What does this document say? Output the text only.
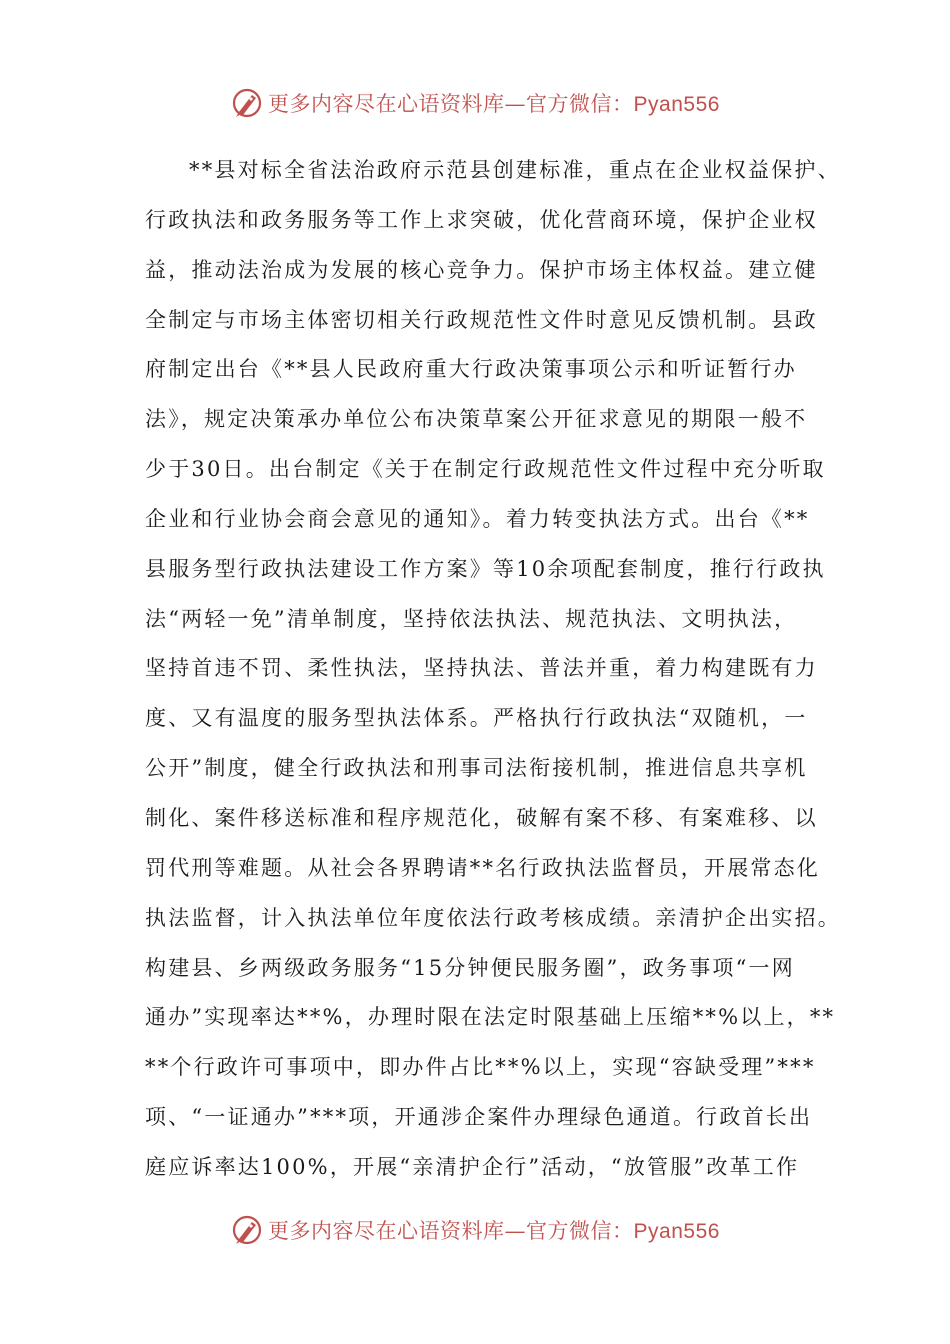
更多内容尽在心语资料库—官方微信：Pyan556
**县对标全省法治政府示范县创建标准，重点在企业权益保护、
行政执法和政务服务等工作上求突破，优化营商环境，保护企业权
益，推动法治成为发展的核心竞争力。保护市场主体权益。建立健
全制定与市场主体密切相关行政规范性文件时意见反馈机制。县政
府制定出台《**县人民政府重大行政决策事项公示和听证暂行办
法》，规定决策承办单位公布决策草案公开征求意见的期限一般不
少于30日。出台制定《关于在制定行政规范性文件过程中充分听取
企业和行业协会商会意见的通知》。着力转变执法方式。出台《**
县服务型行政执法建设工作方案》等10余项配套制度，推行行政执
法“两轻一免”清单制度，坚持依法执法、规范执法、文明执法，
坚持首违不罚、柔性执法，坚持执法、普法并重，着力构建既有力
度、又有温度的服务型执法体系。严格执行行政执法“双随机，一
公开”制度，健全行政执法和刑事司法衔接机制，推进信息共享机
制化、案件移送标准和程序规范化，破解有案不移、有案难移、以
罚代刑等难题。从社会各界聘请**名行政执法监督员，开展常态化
执法监督，计入执法单位年度依法行政考核成绩。亲清护企出实招。
构建县、乡两级政务服务“15分钟便民服务圈”，政务事项“一网
通办”实现率达**%，办理时限在法定时限基础上压缩**%以上，**
**个行政许可事项中，即办件占比**%以上，实现“容缺受理”***
项、“一证通办”***项，开通涉企案件办理绿色通道。行政首长出
庭应诉率达100%，开展“亲清护企行”活动，“放管服”改革工作
更多内容尽在心语资料库—官方微信：Pyan556
